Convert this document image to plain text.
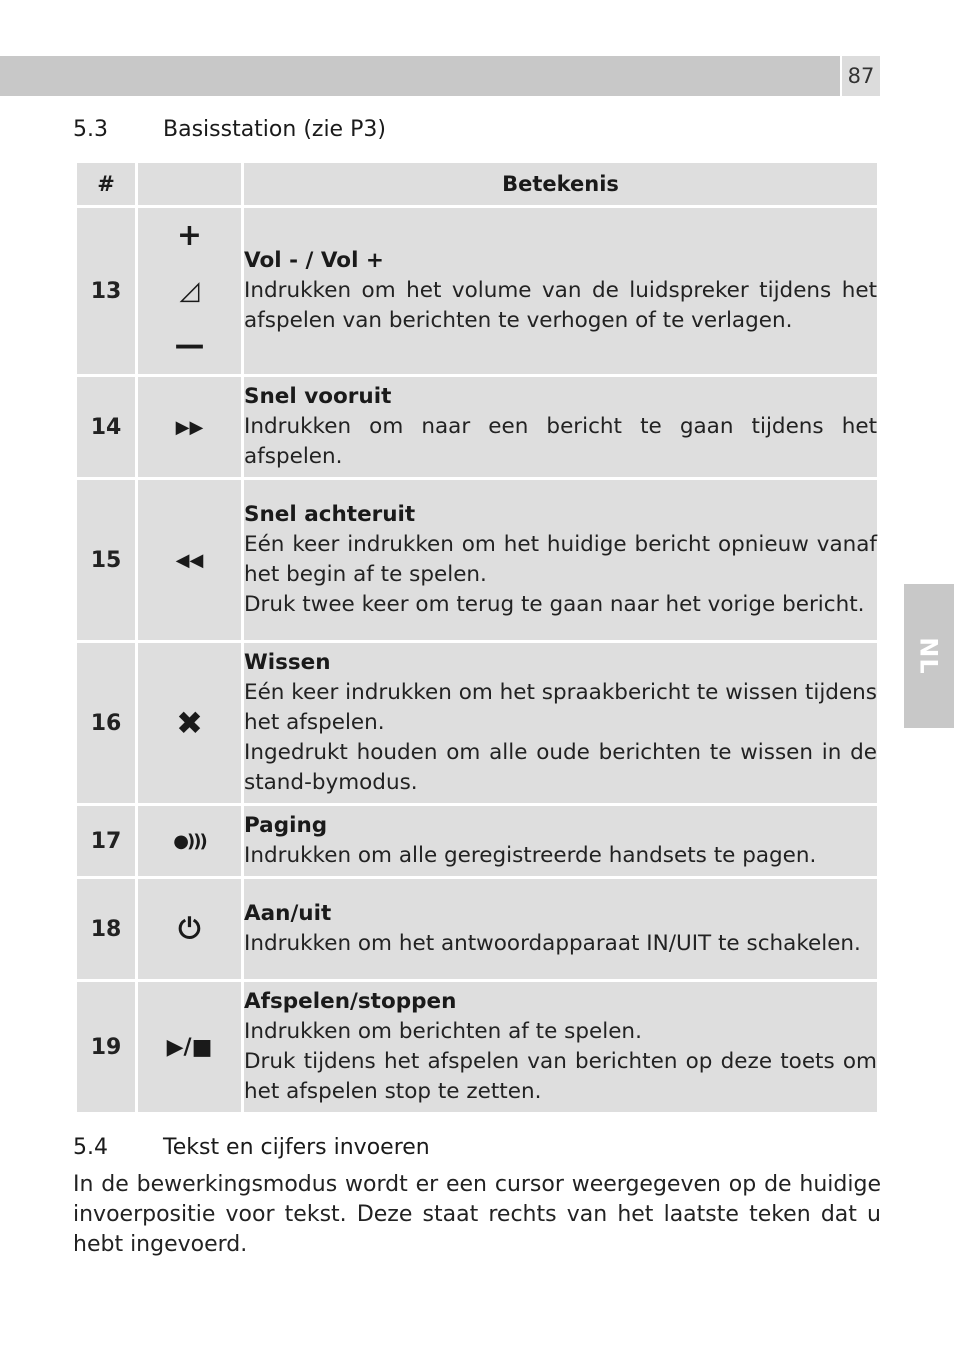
87
NL
5.3	Basisstation (zie P3)
#		Betekenis
13	+
◿
—	Vol - / Vol +
Indrukken om het volume van de luidspreker tijdens het afspelen van berichten te verhogen of te verlagen.

14	▶▶	Snel vooruit
Indrukken om naar een bericht te gaan tijdens het afspelen.

15	◀◀	Snel achteruit
Eén keer indrukken om het huidige bericht opnieuw vanaf het begin af te spelen.
Druk twee keer om terug te gaan naar het vorige bericht.

16	✖	Wissen
Eén keer indrukken om het spraakbericht te wissen tijdens het afspelen.
Ingedrukt houden om alle oude berichten te wissen in de stand-bymodus.

17	●)))	Paging
Indrukken om alle geregistreerde handsets te pagen.

18	⏻	Aan/uit
Indrukken om het antwoordapparaat IN/UIT te schakelen.

19	▶/■	Afspelen/stoppen
Indrukken om berichten af te spelen.
Druk tijdens het afspelen van berichten op deze toets om het afspelen stop te zetten.
5.4	Tekst en cijfers invoeren
In de bewerkingsmodus wordt er een cursor weergegeven op de huidige invoerpositie voor tekst. Deze staat rechts van het laatste teken dat u hebt ingevoerd.
